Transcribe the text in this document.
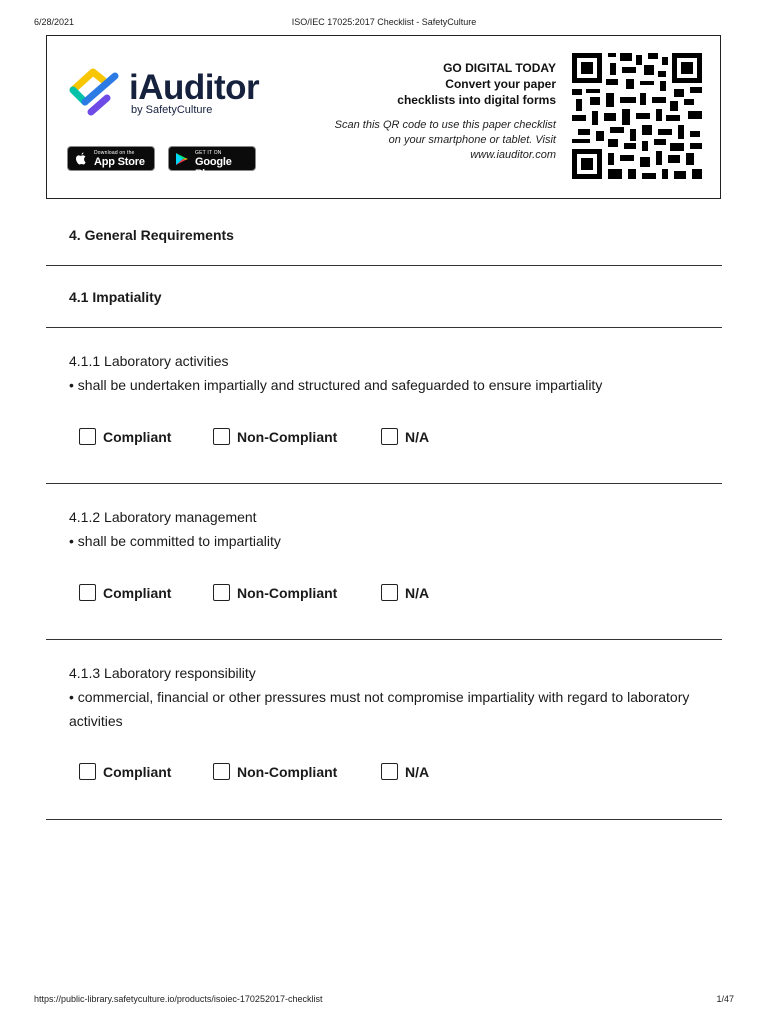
6/28/2021	ISO/IEC 17025:2017 Checklist - SafetyCulture
iAuditor
by SafetyCulture
Download on the
App Store
GET IT ON
Google Play
GO DIGITAL TODAY
Convert your paper
checklists into digital forms
Scan this QR code to use this paper checklist on your smartphone or tablet. Visit www.iauditor.com
4. General Requirements
4.1 Impatiality
4.1.1 Laboratory activities
• shall be undertaken impartially and structured and safeguarded to ensure impartiality
Compliant	Non-Compliant	N/A
4.1.2 Laboratory management
• shall be committed to impartiality
Compliant	Non-Compliant	N/A
4.1.3 Laboratory responsibility
• commercial, financial or other pressures must not compromise impartiality with regard to laboratory activities
Compliant	Non-Compliant	N/A
https://public-library.safetyculture.io/products/isoiec-170252017-checklist	1/47
